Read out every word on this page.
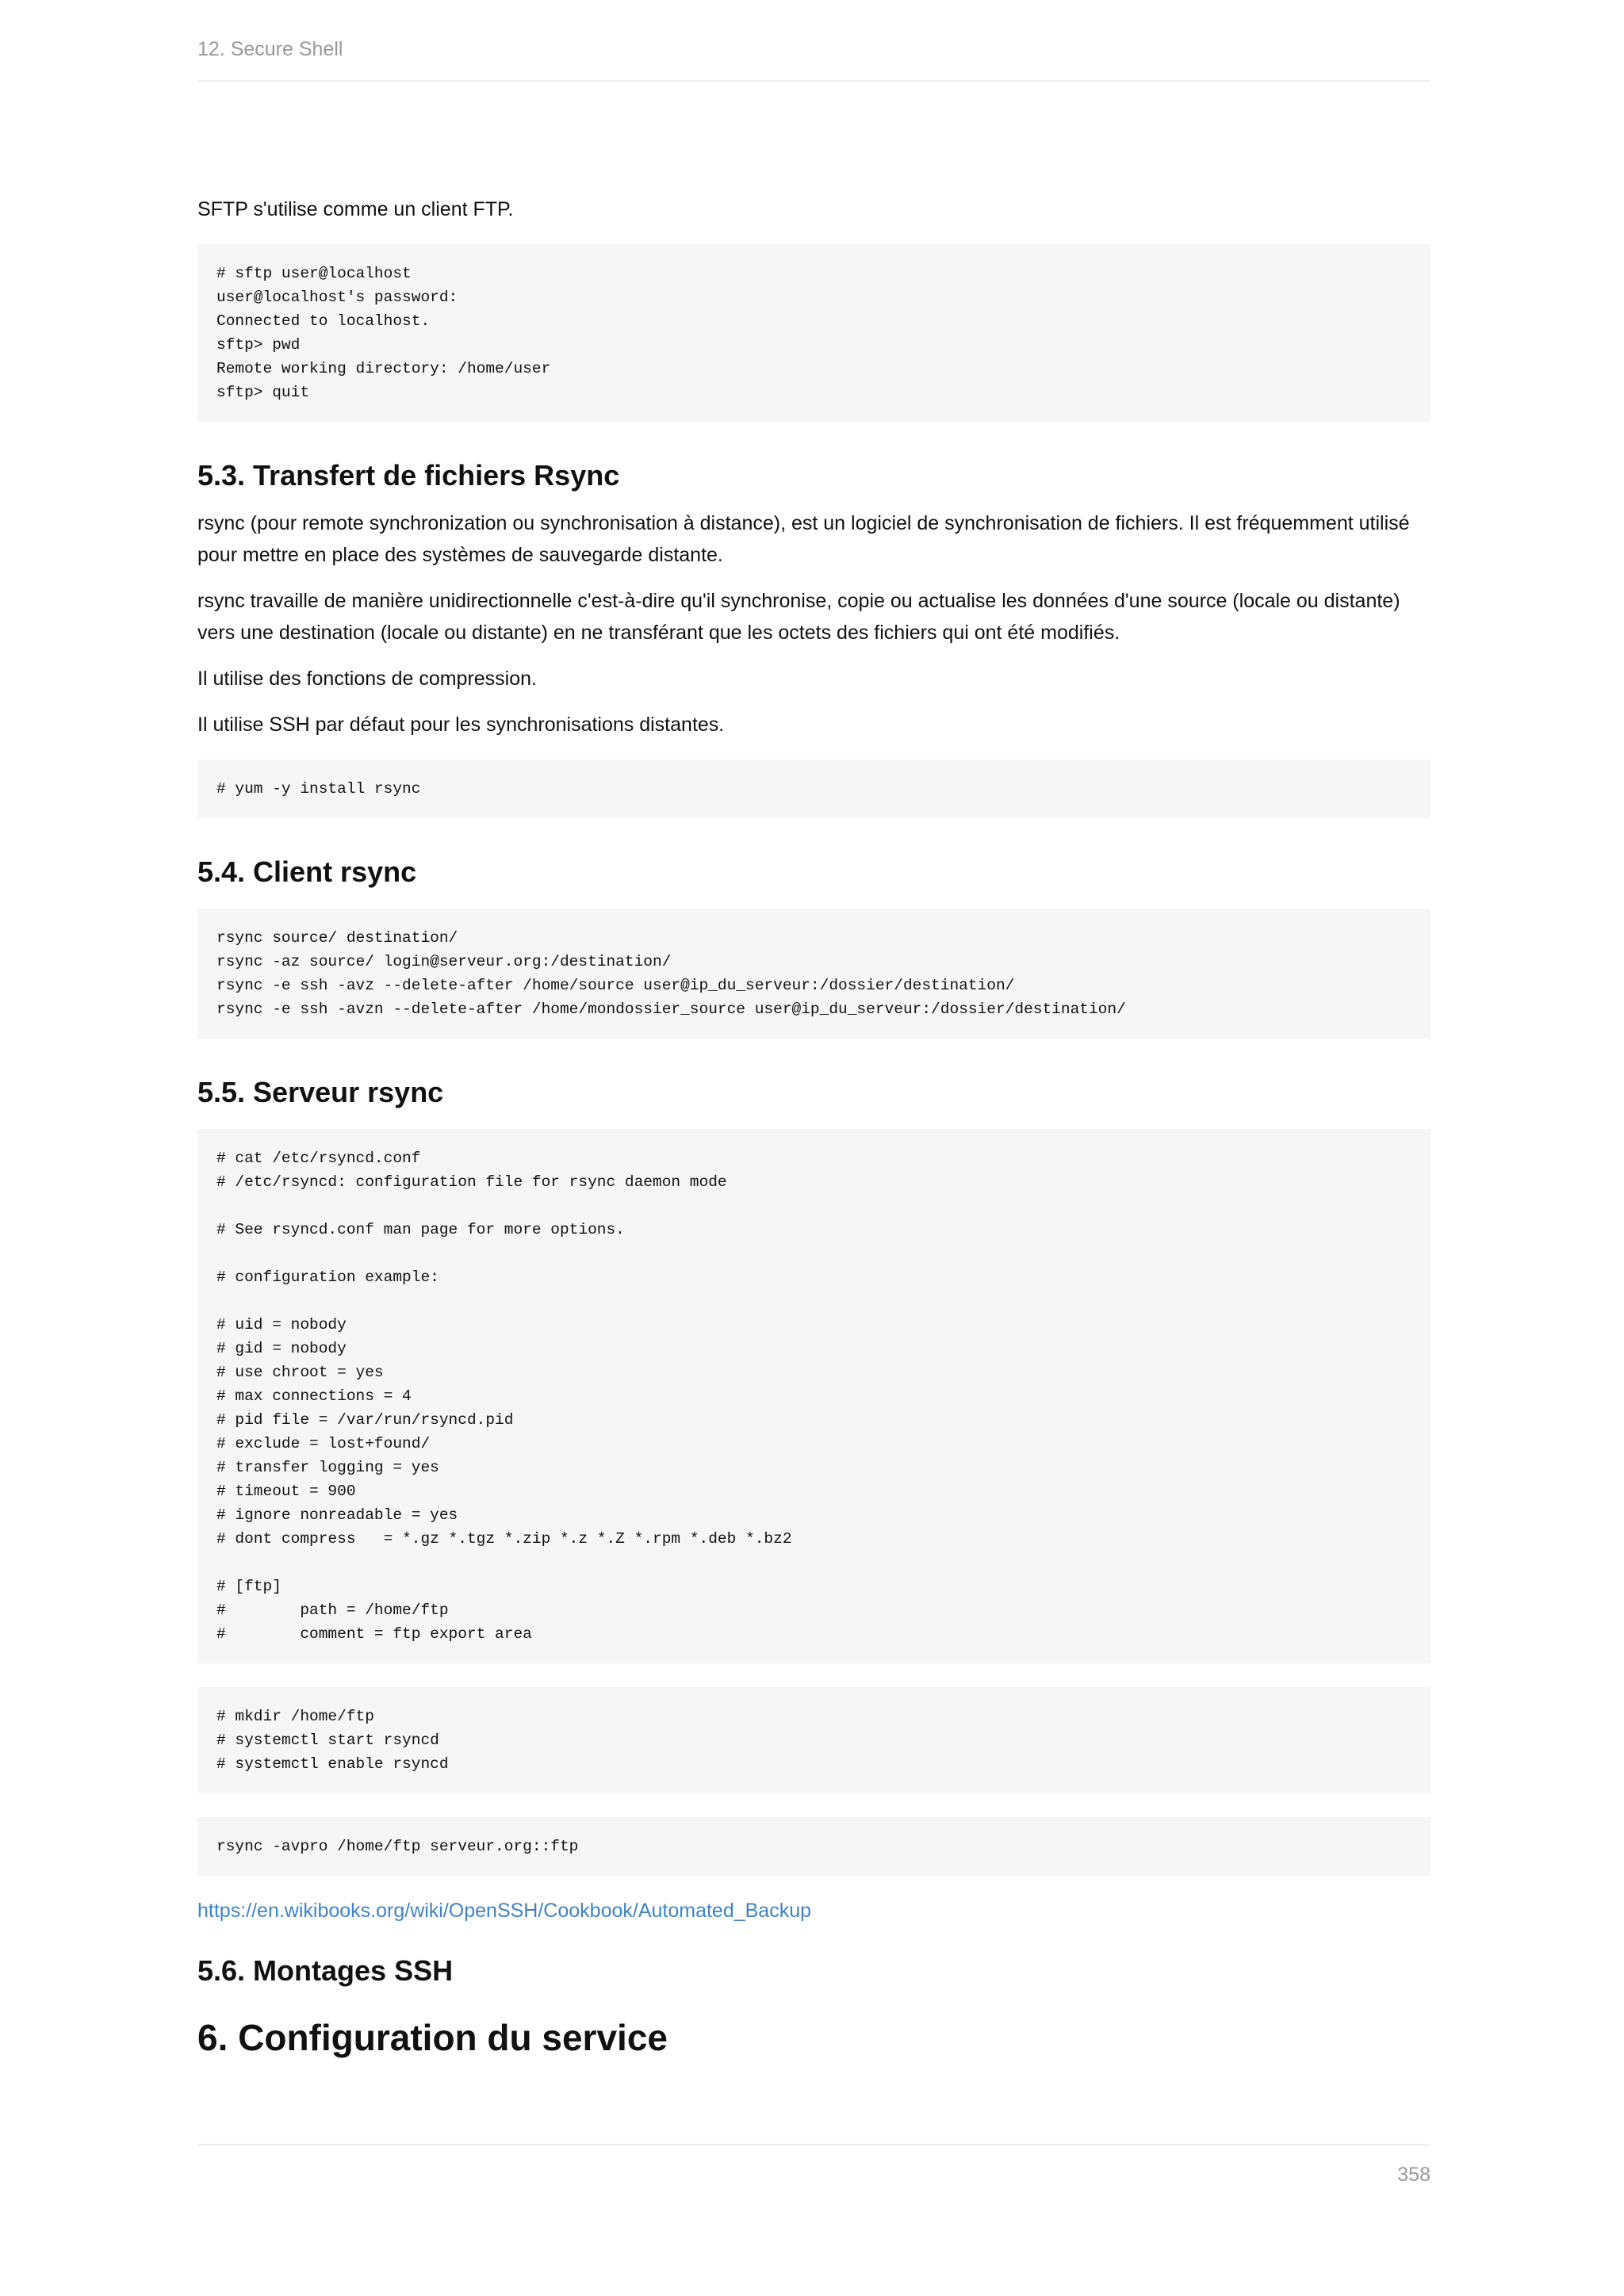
12. Secure Shell

SFTP s'utilise comme un client FTP.

# sftp user@localhost
user@localhost's password:
Connected to localhost.
sftp> pwd
Remote working directory: /home/user
sftp> quit
5.3. Transfert de fichiers Rsync

rsync (pour remote synchronization ou synchronisation à distance), est un logiciel de synchronisation de fichiers. Il est fréquemment utilisé pour mettre en place des systèmes de sauvegarde distante.

rsync travaille de manière unidirectionnelle c'est-à-dire qu'il synchronise, copie ou actualise les données d'une source (locale ou distante) vers une destination (locale ou distante) en ne transférant que les octets des fichiers qui ont été modifiés.

Il utilise des fonctions de compression.

Il utilise SSH par défaut pour les synchronisations distantes.

# yum -y install rsync
5.4. Client rsync
rsync source/ destination/
rsync -az source/ login@serveur.org:/destination/
rsync -e ssh -avz --delete-after /home/source user@ip_du_serveur:/dossier/destination/
rsync -e ssh -avzn --delete-after /home/mondossier_source user@ip_du_serveur:/dossier/destination/
5.5. Serveur rsync
# cat /etc/rsyncd.conf
# /etc/rsyncd: configuration file for rsync daemon mode

# See rsyncd.conf man page for more options.

# configuration example:

# uid = nobody
# gid = nobody
# use chroot = yes
# max connections = 4
# pid file = /var/run/rsyncd.pid
# exclude = lost+found/
# transfer logging = yes
# timeout = 900
# ignore nonreadable = yes
# dont compress   = *.gz *.tgz *.zip *.z *.Z *.rpm *.deb *.bz2

# [ftp]
#        path = /home/ftp
#        comment = ftp export area
# mkdir /home/ftp
# systemctl start rsyncd
# systemctl enable rsyncd
rsync -avpro /home/ftp serveur.org::ftp

https://en.wikibooks.org/wiki/OpenSSH/Cookbook/Automated_Backup

5.6. Montages SSH
6. Configuration du service
358
